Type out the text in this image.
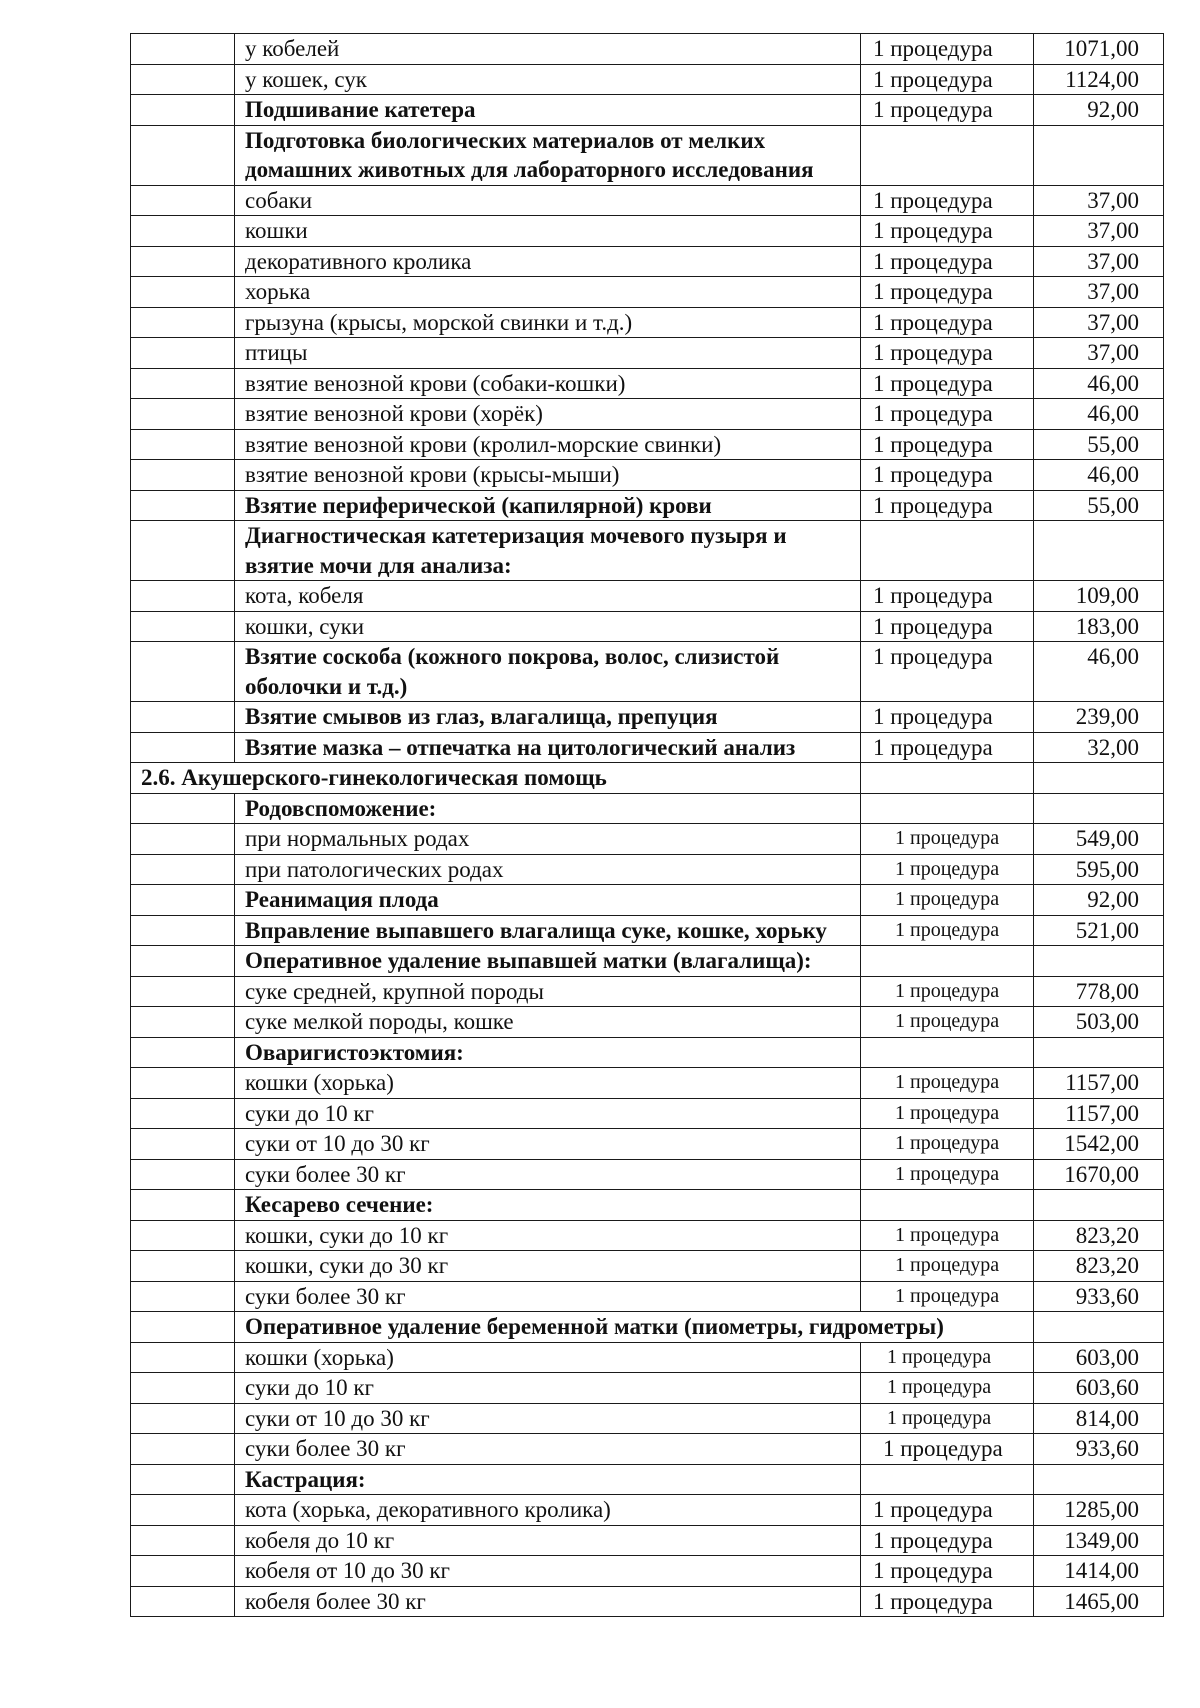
	у кобелей	1 процедура	1071,00
	у кошек, сук	1 процедура	1124,00
	Подшивание катетера	1 процедура	92,00
	Подготовка биологических материалов от мелких домашних животных для лабораторного исследования		
	собаки	1 процедура	37,00
	кошки	1 процедура	37,00
	декоративного кролика	1 процедура	37,00
	хорька	1 процедура	37,00
	грызуна (крысы, морской свинки и т.д.)	1 процедура	37,00
	птицы	1 процедура	37,00
	взятие венозной крови (собаки-кошки)	1 процедура	46,00
	взятие венозной крови (хорёк)	1 процедура	46,00
	взятие венозной крови (кролил-морские свинки)	1 процедура	55,00
	взятие венозной крови (крысы-мыши)	1 процедура	46,00
	Взятие периферической (капилярной) крови	1 процедура	55,00
	Диагностическая катетеризация мочевого пузыря и взятие мочи для анализа:		
	кота, кобеля	1 процедура	109,00
	кошки, суки	1 процедура	183,00
	Взятие соскоба (кожного покрова, волос, слизистой оболочки и т.д.)	1 процедура	46,00
	Взятие смывов из глаз, влагалища, препуция	1 процедура	239,00
	Взятие мазка – отпечатка на цитологический анализ	1 процедура	32,00
2.6. Акушерского-гинекологическая помощь			
	Родовспоможение:		
	при нормальных родах	1 процедура	549,00
	при патологических родах	1 процедура	595,00
	Реанимация плода	1 процедура	92,00
	Вправление выпавшего влагалища суке, кошке, хорьку	1 процедура	521,00
	Оперативное удаление выпавшей матки (влагалища):		
	суке средней, крупной породы	1 процедура	778,00
	суке мелкой породы, кошке	1 процедура	503,00
	Оваригистоэктомия:		
	кошки (хорька)	1 процедура	1157,00
	суки до 10 кг	1 процедура	1157,00
	суки от 10 до 30 кг	1 процедура	1542,00
	суки более 30 кг	1 процедура	1670,00
	Кесарево сечение:		
	кошки, суки до 10 кг	1 процедура	823,20
	кошки, суки до 30 кг	1 процедура	823,20
	суки более 30 кг	1 процедура	933,60
	Оперативное удаление беременной матки (пиометры, гидрометры)		
	кошки (хорька)	1 процедура	603,00
	суки до 10 кг	1 процедура	603,60
	суки от 10 до 30 кг	1 процедура	814,00
	суки более 30 кг	1 процедура	933,60
	Кастрация:		
	кота (хорька, декоративного кролика)	1 процедура	1285,00
	кобеля до 10 кг	1 процедура	1349,00
	кобеля от 10 до 30 кг	1 процедура	1414,00
	кобеля более 30 кг	1 процедура	1465,00
